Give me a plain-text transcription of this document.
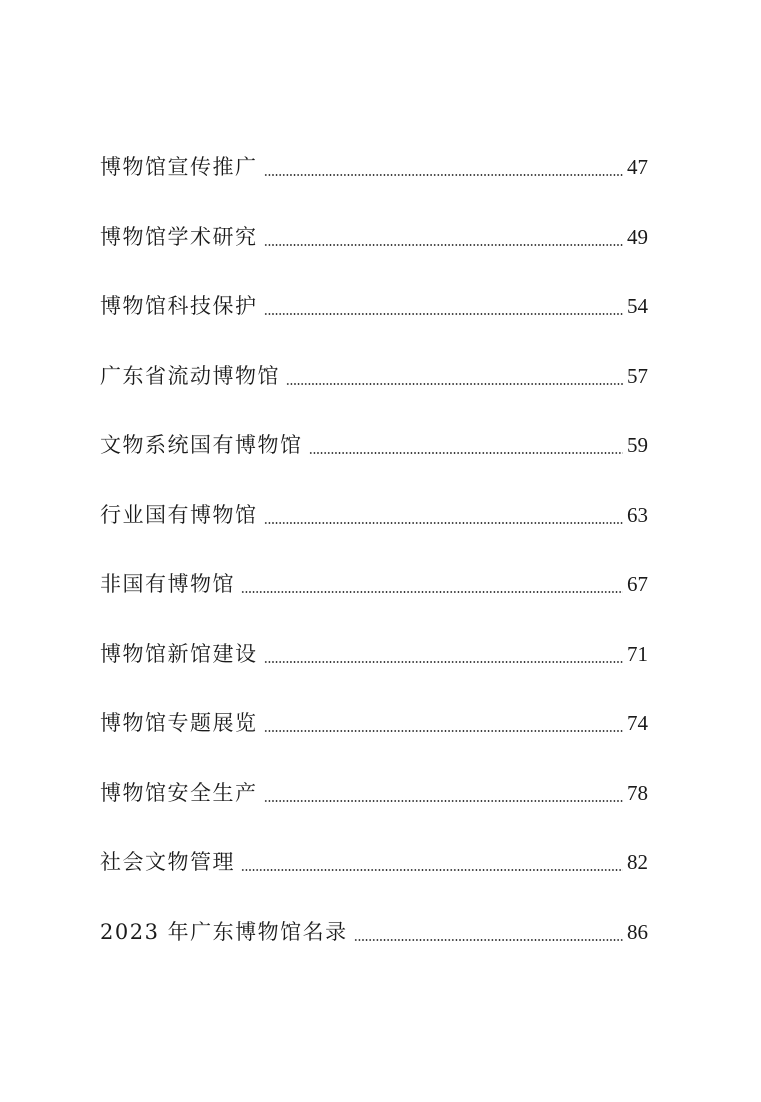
博物馆宣传推广	47
博物馆学术研究	49
博物馆科技保护	54
广东省流动博物馆	57
文物系统国有博物馆	59
行业国有博物馆	63
非国有博物馆	67
博物馆新馆建设	71
博物馆专题展览	74
博物馆安全生产	78
社会文物管理	82
2023 年广东博物馆名录	86
